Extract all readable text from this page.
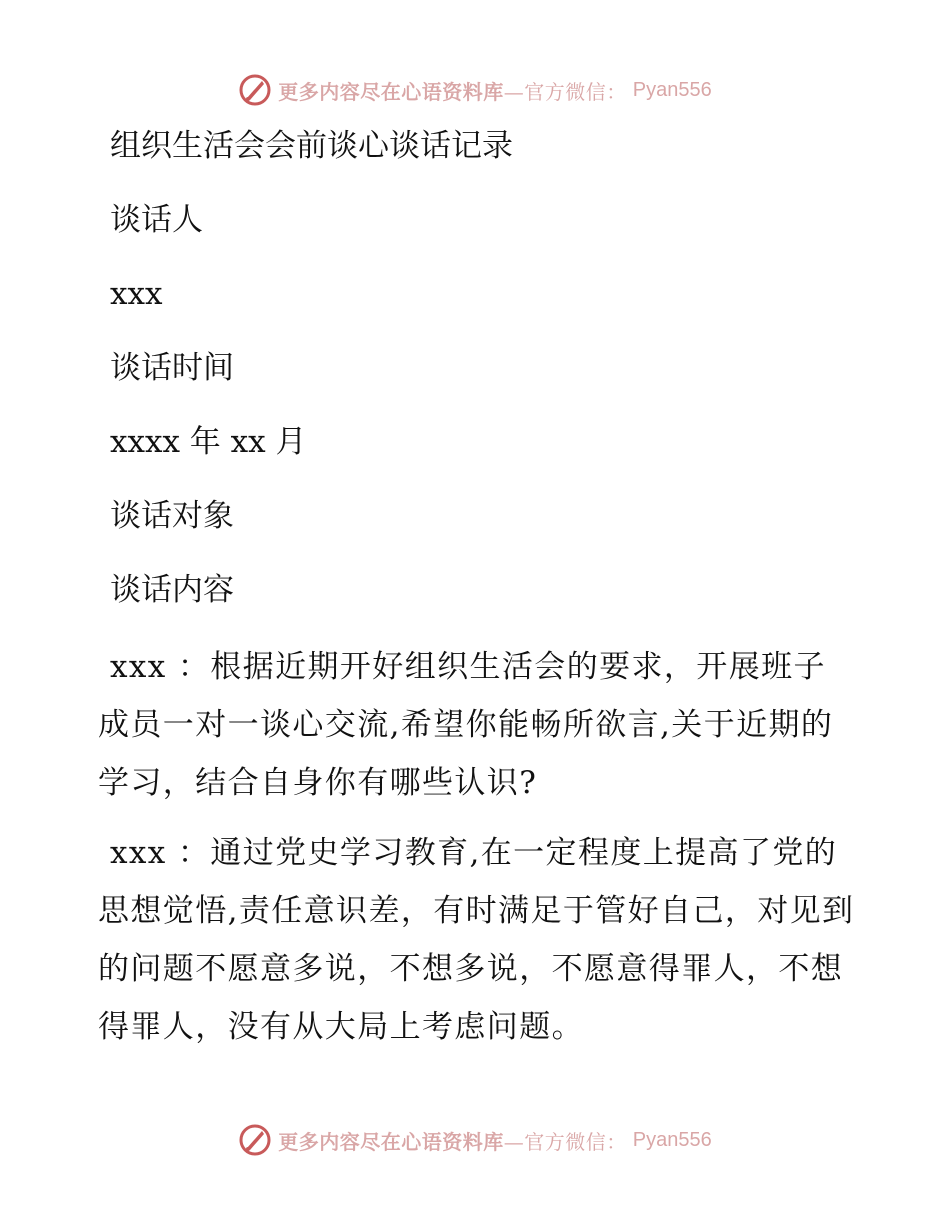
更多内容尽在心语资料库—官方微信： Pyan556
组织生活会会前谈心谈话记录
谈话人
xxx
谈话时间
xxxx 年 xx 月
谈话对象
谈话内容
xxx ：根据近期开好组织生活会的要求，开展班子成员一对一谈心交流,希望你能畅所欲言,关于近期的学习，结合自身你有哪些认识?
xxx ：通过党史学习教育,在一定程度上提高了党的思想觉悟,责任意识差，有时满足于管好自己，对见到的问题不愿意多说，不想多说，不愿意得罪人，不想得罪人，没有从大局上考虑问题。
更多内容尽在心语资料库—官方微信： Pyan556
